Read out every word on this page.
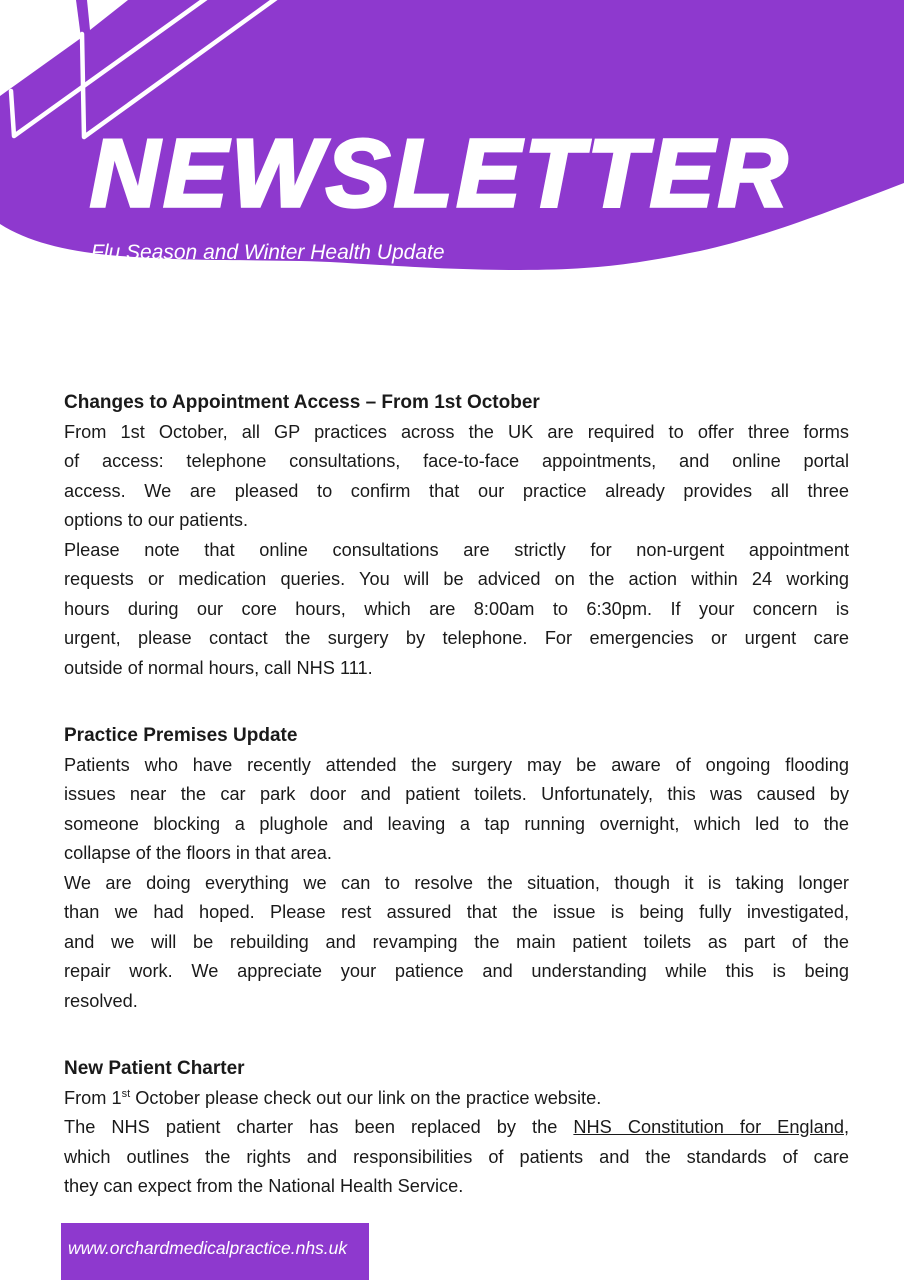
NEWSLETTER
Flu Season and Winter Health Update
September 2025
Changes to Appointment Access – From 1st October
From 1st October, all GP practices across the UK are required to offer three forms
of access: telephone consultations, face-to-face appointments, and online portal
access. We are pleased to confirm that our practice already provides all three
options to our patients.
Please note that online consultations are strictly for non-urgent appointment
requests or medication queries. You will be adviced on the action within 24 working
hours during our core hours, which are 8:00am to 6:30pm. If your concern is
urgent, please contact the surgery by telephone. For emergencies or urgent care
outside of normal hours, call NHS 111.
Practice Premises Update
Patients who have recently attended the surgery may be aware of ongoing flooding
issues near the car park door and patient toilets. Unfortunately, this was caused by
someone blocking a plughole and leaving a tap running overnight, which led to the
collapse of the floors in that area.
We are doing everything we can to resolve the situation, though it is taking longer
than we had hoped. Please rest assured that the issue is being fully investigated,
and we will be rebuilding and revamping the main patient toilets as part of the
repair work. We appreciate your patience and understanding while this is being
resolved.
New Patient Charter
From 1st October please check out our link on the practice website.
The NHS patient charter has been replaced by the NHS Constitution for England,
which outlines the rights and responsibilities of patients and the standards of care
they can expect from the National Health Service.
www.orchardmedicalpractice.nhs.uk
